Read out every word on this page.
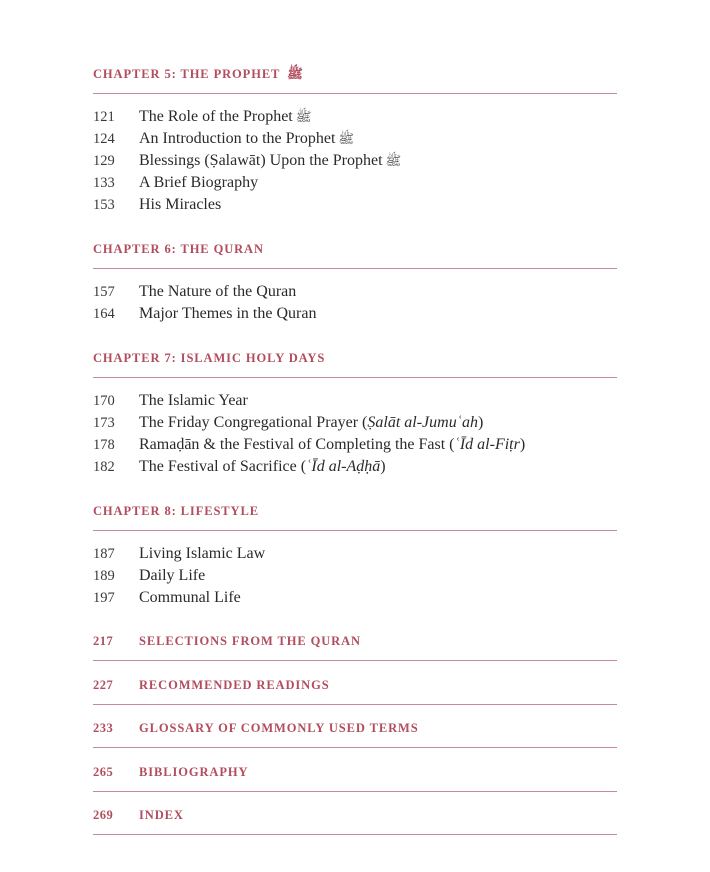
CHAPTER 5: THE PROPHET ﷺ
121 The Role of the Prophet ﷺ
124 An Introduction to the Prophet ﷺ
129 Blessings (Ṣalawāt) Upon the Prophet ﷺ
133 A Brief Biography
153 His Miracles
CHAPTER 6: THE QURAN
157 The Nature of the Quran
164 Major Themes in the Quran
CHAPTER 7: ISLAMIC HOLY DAYS
170 The Islamic Year
173 The Friday Congregational Prayer (Ṣalāt al-Jumuʿah)
178 Ramaḍān & the Festival of Completing the Fast (ʿĪd al-Fiṭr)
182 The Festival of Sacrifice (ʿĪd al-Aḍḥā)
CHAPTER 8: LIFESTYLE
187 Living Islamic Law
189 Daily Life
197 Communal Life
217 SELECTIONS FROM THE QURAN
227 RECOMMENDED READINGS
233 GLOSSARY OF COMMONLY USED TERMS
265 BIBLIOGRAPHY
269 INDEX
